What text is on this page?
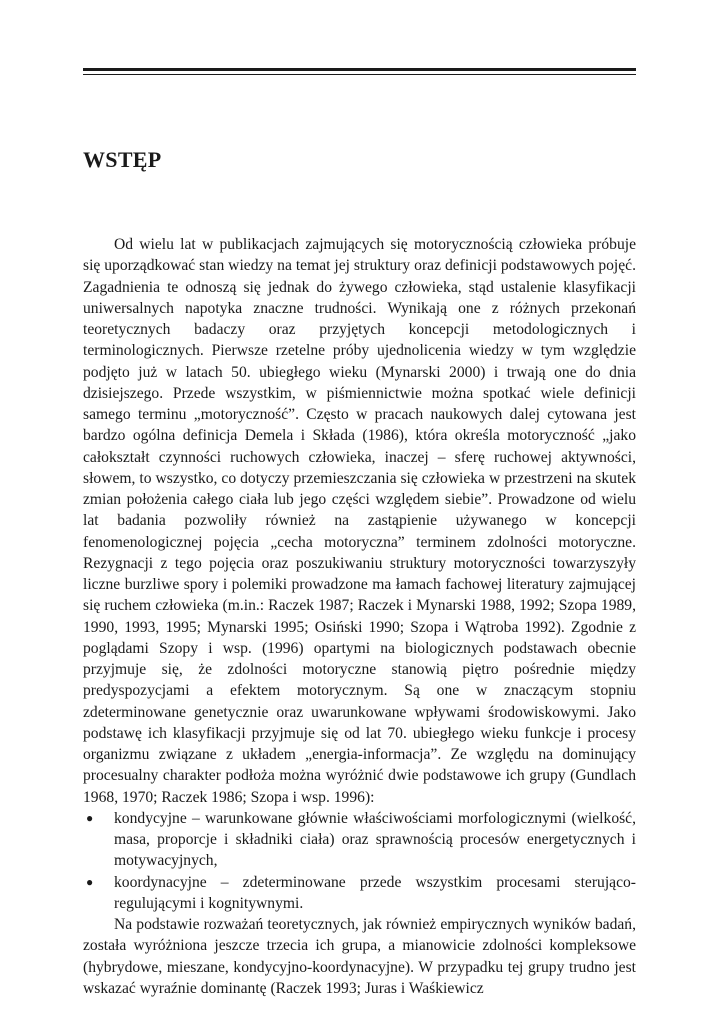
WSTĘP

Od wielu lat w publikacjach zajmujących się motorycznością człowieka próbuje się uporządkować stan wiedzy na temat jej struktury oraz definicji podstawowych pojęć. Zagadnienia te odnoszą się jednak do żywego człowieka, stąd ustalenie klasyfikacji uniwersalnych napotyka znaczne trudności. Wynikają one z różnych przekonań teoretycznych badaczy oraz przyjętych koncepcji metodologicznych i terminologicznych. Pierwsze rzetelne próby ujednolicenia wiedzy w tym względzie podjęto już w latach 50. ubiegłego wieku (Mynarski 2000) i trwają one do dnia dzisiejszego. Przede wszystkim, w piśmiennictwie można spotkać wiele definicji samego terminu „motoryczność”. Często w pracach naukowych dalej cytowana jest bardzo ogólna definicja Demela i Składa (1986), która określa motoryczność „jako całokształt czynności ruchowych człowieka, inaczej – sferę ruchowej aktywności, słowem, to wszystko, co dotyczy przemieszczania się człowieka w przestrzeni na skutek zmian położenia całego ciała lub jego części względem siebie”. Prowadzone od wielu lat badania pozwoliły również na zastąpienie używanego w koncepcji fenomenologicznej pojęcia „cecha motoryczna” terminem zdolności motoryczne. Rezygnacji z tego pojęcia oraz poszukiwaniu struktury motoryczności towarzyszyły liczne burzliwe spory i polemiki prowadzone ma łamach fachowej literatury zajmującej się ruchem człowieka (m.in.: Raczek 1987; Raczek i Mynarski 1988, 1992; Szopa 1989, 1990, 1993, 1995; Mynarski 1995; Osiński 1990; Szopa i Wątroba 1992). Zgodnie z poglądami Szopy i wsp. (1996) opartymi na biologicznych podstawach obecnie przyjmuje się, że zdolności motoryczne stanowią piętro pośrednie między predyspozycjami a efektem motorycznym. Są one w znaczącym stopniu zdeterminowane genetycznie oraz uwarunkowane wpływami środowiskowymi. Jako podstawę ich klasyfikacji przyjmuje się od lat 70. ubiegłego wieku funkcje i procesy organizmu związane z układem „energia-informacja”. Ze względu na dominujący procesualny charakter podłoża można wyróżnić dwie podstawowe ich grupy (Gundlach 1968, 1970; Raczek 1986; Szopa i wsp. 1996):

● kondycyjne – warunkowane głównie właściwościami morfologicznymi (wielkość, masa, proporcje i składniki ciała) oraz sprawnością procesów energetycznych i motywacyjnych,
● koordynacyjne – zdeterminowane przede wszystkim procesami sterująco-regulującymi i kognitywnymi.

Na podstawie rozważań teoretycznych, jak również empirycznych wyników badań, została wyróżniona jeszcze trzecia ich grupa, a mianowicie zdolności kompleksowe (hybrydowe, mieszane, kondycyjno-koordynacyjne). W przypadku tej grupy trudno jest wskazać wyraźnie dominantę (Raczek 1993; Juras i Waśkiewicz
